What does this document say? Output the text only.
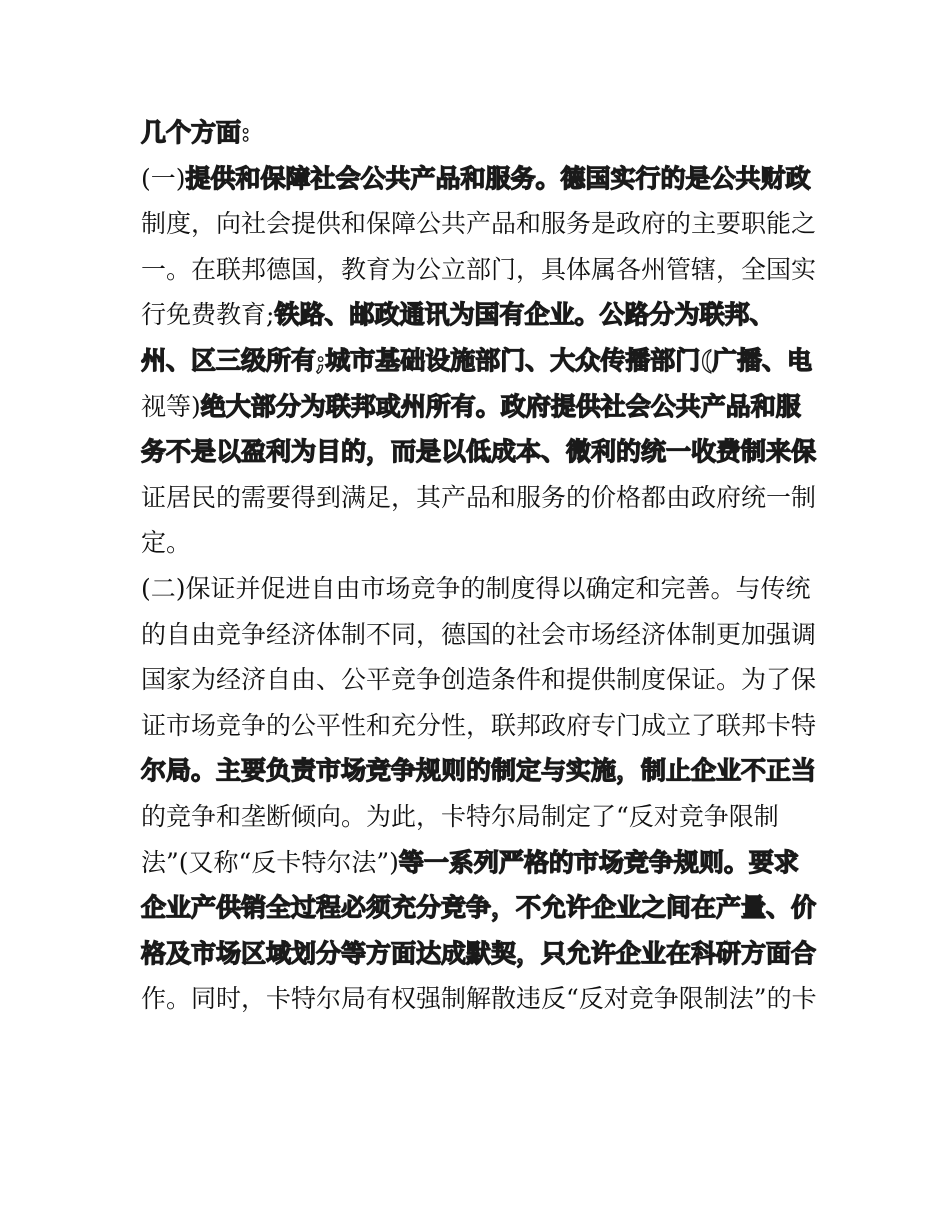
几个方面:
(一)提供和保障社会公共产品和服务。德国实行的是公共财政
制度，向社会提供和保障公共产品和服务是政府的主要职能之
一。在联邦德国，教育为公立部门，具体属各州管辖，全国实
行免费教育;铁路、邮政通讯为国有企业。公路分为联邦、
州、区三级所有;城市基础设施部门、大众传播部门(广播、电
视等)绝大部分为联邦或州所有。政府提供社会公共产品和服
务不是以盈利为目的，而是以低成本、微利的统一收费制来保
证居民的需要得到满足，其产品和服务的价格都由政府统一制
定。
(二)保证并促进自由市场竞争的制度得以确定和完善。与传统
的自由竞争经济体制不同，德国的社会市场经济体制更加强调
国家为经济自由、公平竞争创造条件和提供制度保证。为了保
证市场竞争的公平性和充分性，联邦政府专门成立了联邦卡特
尔局。主要负责市场竞争规则的制定与实施，制止企业不正当
的竞争和垄断倾向。为此，卡特尔局制定了“反对竞争限制
法”(又称“反卡特尔法”)等一系列严格的市场竞争规则。要求
企业产供销全过程必须充分竞争，不允许企业之间在产量、价
格及市场区域划分等方面达成默契，只允许企业在科研方面合
作。同时，卡特尔局有权强制解散违反“反对竞争限制法”的卡
